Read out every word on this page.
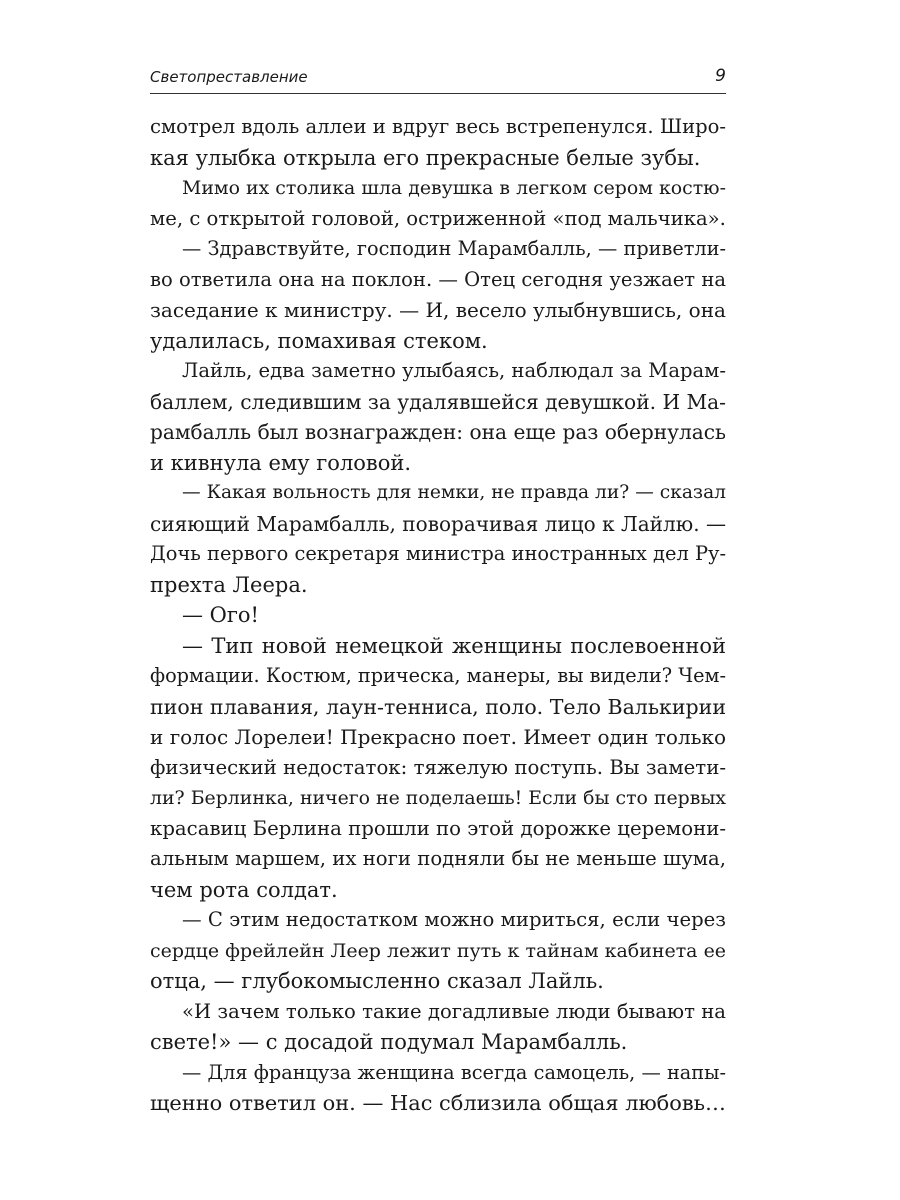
Светопреставление	9
смотрел вдоль аллеи и вдруг весь встрепенулся. Широ-
кая улыбка открыла его прекрасные белые зубы.
Мимо их столика шла девушка в легком сером костю-
ме, с открытой головой, остриженной «под мальчика».
— Здравствуйте, господин Марамбалль, — приветли-
во ответила она на поклон. — Отец сегодня уезжает на
заседание к министру. — И, весело улыбнувшись, она
удалилась, помахивая стеком.
Лайль, едва заметно улыбаясь, наблюдал за Марам-
баллем, следившим за удалявшейся девушкой. И Ма-
рамбалль был вознагражден: она еще раз обернулась
и кивнула ему головой.
— Какая вольность для немки, не правда ли? — сказал
сияющий Марамбалль, поворачивая лицо к Лайлю. —
Дочь первого секретаря министра иностранных дел Ру-
прехта Леера.
— Ого!
— Тип новой немецкой женщины послевоенной
формации. Костюм, прическа, манеры, вы видели? Чем-
пион плавания, лаун-тенниса, поло. Тело Валькирии
и голос Лорелеи! Прекрасно поет. Имеет один только
физический недостаток: тяжелую поступь. Вы замети-
ли? Берлинка, ничего не поделаешь! Если бы сто первых
красавиц Берлина прошли по этой дорожке церемони-
альным маршем, их ноги подняли бы не меньше шума,
чем рота солдат.
— С этим недостатком можно мириться, если через
сердце фрейлейн Леер лежит путь к тайнам кабинета ее
отца, — глубокомысленно сказал Лайль.
«И зачем только такие догадливые люди бывают на
свете!» — с досадой подумал Марамбалль.
— Для француза женщина всегда самоцель, — напы-
щенно ответил он. — Нас сблизила общая любовь…
